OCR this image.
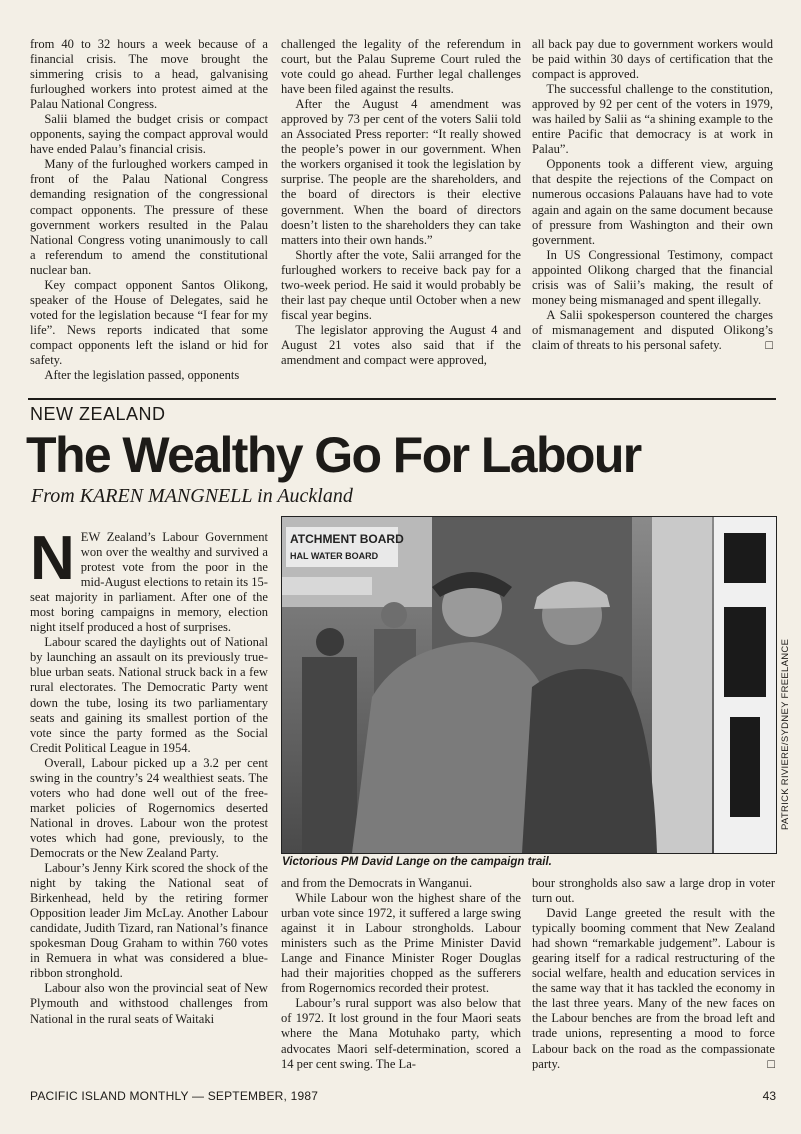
from 40 to 32 hours a week because of a financial crisis. The move brought the simmering crisis to a head, galvanising furloughed workers into protest aimed at the Palau National Congress.

Salii blamed the budget crisis or compact opponents, saying the compact approval would have ended Palau’s financial crisis.

Many of the furloughed workers camped in front of the Palau National Congress demanding resignation of the congressional compact opponents. The pressure of these government workers resulted in the Palau National Congress voting unanimously to call a referendum to amend the constitutional nuclear ban.

Key compact opponent Santos Olikong, speaker of the House of Delegates, said he voted for the legislation because “I fear for my life”. News reports indicated that some compact opponents left the island or hid for safety.

After the legislation passed, opponents

challenged the legality of the referendum in court, but the Palau Supreme Court ruled the vote could go ahead. Further legal challenges have been filed against the results.

After the August 4 amendment was approved by 73 per cent of the voters Salii told an Associated Press reporter: “It really showed the people’s power in our government. When the workers organised it took the legislation by surprise. The people are the shareholders, and the board of directors is their elective government. When the board of directors doesn’t listen to the shareholders they can take matters into their own hands.”

Shortly after the vote, Salii arranged for the furloughed workers to receive back pay for a two-week period. He said it would probably be their last pay cheque until October when a new fiscal year begins.

The legislator approving the August 4 and August 21 votes also said that if the amendment and compact were approved,

all back pay due to government workers would be paid within 30 days of certification that the compact is approved.

The successful challenge to the constitution, approved by 92 per cent of the voters in 1979, was hailed by Salii as “a shining example to the entire Pacific that democracy is at work in Palau”.

Opponents took a different view, arguing that despite the rejections of the Compact on numerous occasions Palauans have had to vote again and again on the same document because of pressure from Washington and their own government.

In US Congressional Testimony, compact appointed Olikong charged that the financial crisis was of Salii’s making, the result of money being mismanaged and spent illegally.

A Salii spokesperson countered the charges of mismanagement and disputed Olikong’s claim of threats to his personal safety.	□

NEW ZEALAND
The Wealthy Go For Labour
From KAREN MANGNELL in Auckland

NEW Zealand’s Labour Government won over the wealthy and survived a protest vote from the poor in the mid-August elections to retain its 15-seat majority in parliament. After one of the most boring campaigns in memory, election night itself produced a host of surprises.

Labour scared the daylights out of National by launching an assault on its previously true-blue urban seats. National struck back in a few rural electorates. The Democratic Party went down the tube, losing its two parliamentary seats and gaining its smallest portion of the vote since the party formed as the Social Credit Political League in 1954.

Overall, Labour picked up a 3.2 per cent swing in the country’s 24 wealthiest seats. The voters who had done well out of the free-market policies of Rogernomics deserted National in droves. Labour won the protest votes which had gone, previously, to the Democrats or the New Zealand Party.

Labour’s Jenny Kirk scored the shock of the night by taking the National seat of Birkenhead, held by the retiring former Opposition leader Jim McLay. Another Labour candidate, Judith Tizard, ran National’s finance spokesman Doug Graham to within 760 votes in Remuera in what was considered a blue-ribbon stronghold.

Labour also won the provincial seat of New Plymouth and withstood challenges from National in the rural seats of Waitaki

and from the Democrats in Wanganui.

While Labour won the highest share of the urban vote since 1972, it suffered a large swing against it in Labour strongholds. Labour ministers such as the Prime Minister David Lange and Finance Minister Roger Douglas had their majorities chopped as the sufferers from Rogernomics recorded their protest.

Labour’s rural support was also below that of 1972. It lost ground in the four Maori seats where the Mana Motuhako party, which advocates Maori self-determination, scored a 14 per cent swing. The La-

bour strongholds also saw a large drop in voter turn out.

David Lange greeted the result with the typically booming comment that New Zealand had shown “remarkable judgement”. Labour is gearing itself for a radical restructuring of the social welfare, health and education services in the same way that it has tackled the economy in the last three years. Many of the new faces on the Labour benches are from the broad left and trade unions, representing a mood to force Labour back on the road as the compassionate party.	□

ATCHMENT BOARD
HAL WATER BOARD
PATRICK RIVIERE/SYDNEY FREELANCE
Victorious PM David Lange on the campaign trail.
PACIFIC ISLAND MONTHLY — SEPTEMBER, 1987	43
